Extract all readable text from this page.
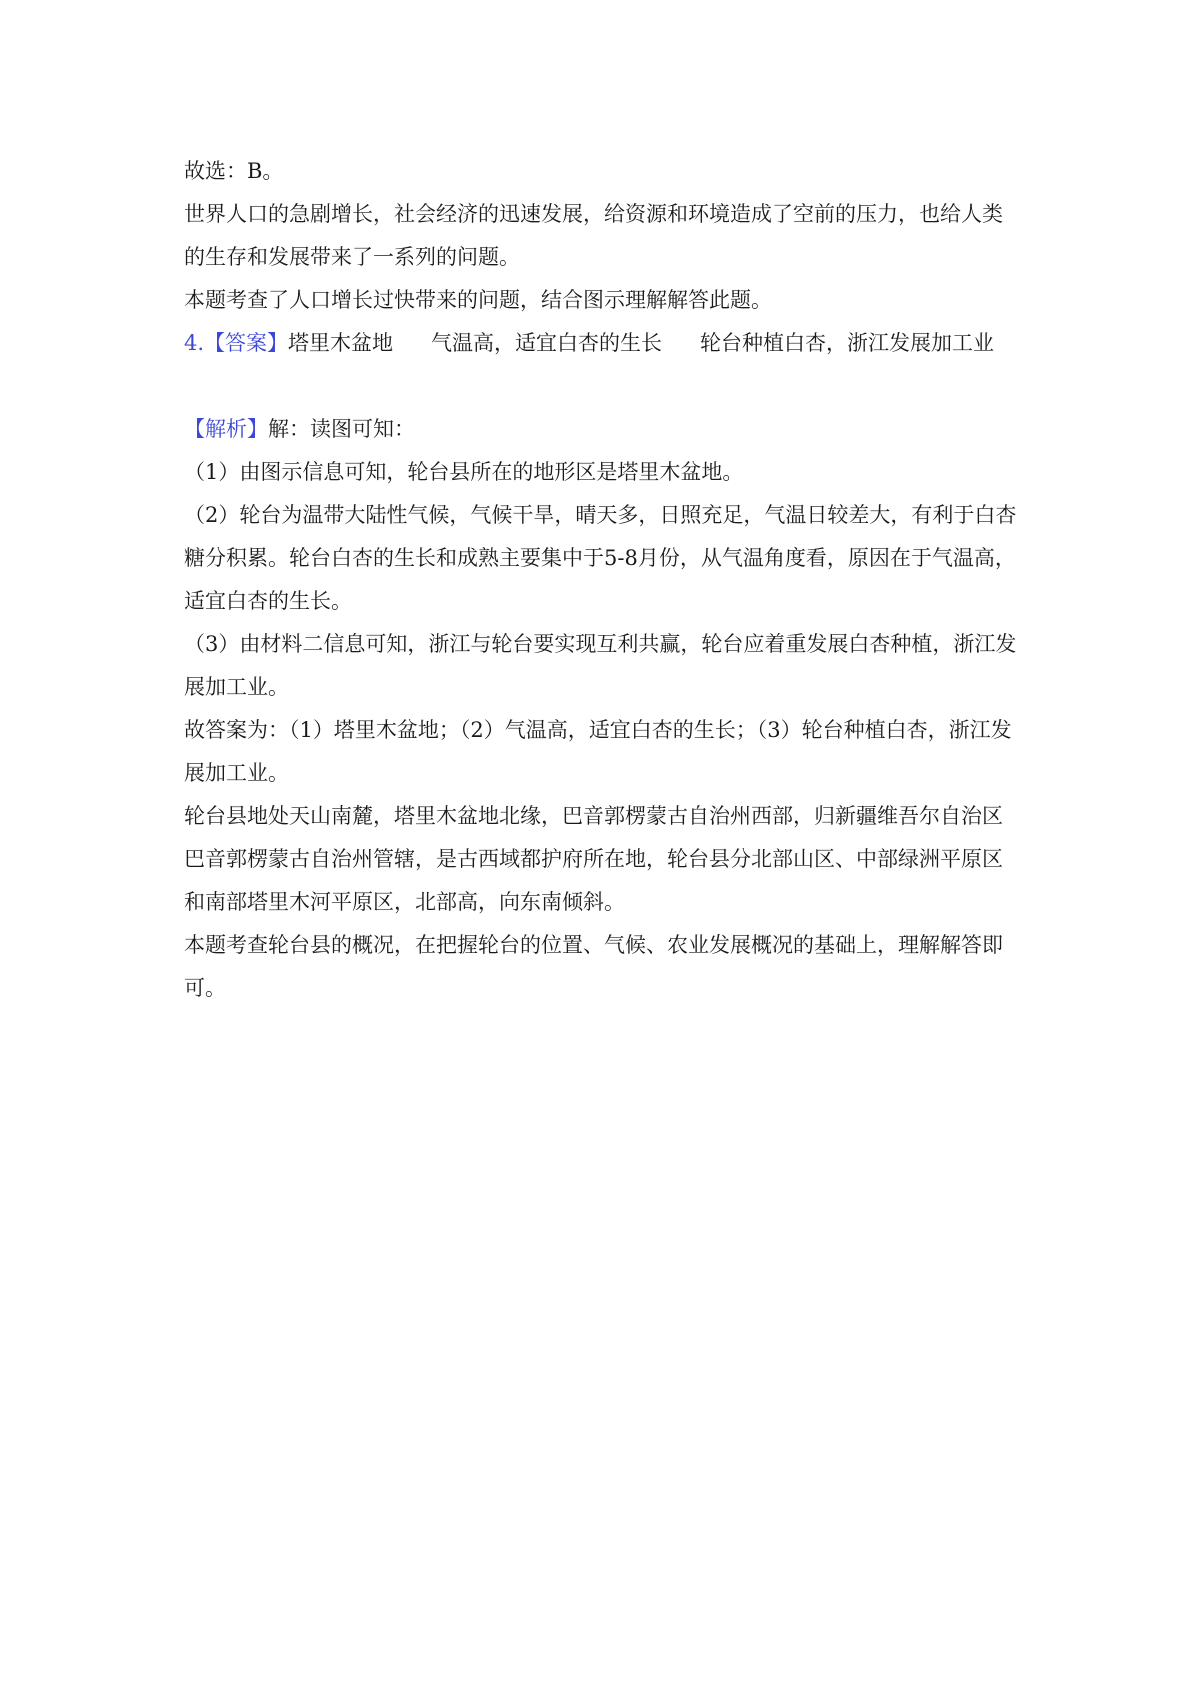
故选：B。

世界人口的急剧增长，社会经济的迅速发展，给资源和环境造成了空前的压力，也给人类的生存和发展带来了一系列的问题。

本题考查了人口增长过快带来的问题，结合图示理解解答此题。

4.【答案】塔里木盆地 气温高，适宜白杏的生长 轮台种植白杏，浙江发展加工业

【解析】解：读图可知：

（1）由图示信息可知，轮台县所在的地形区是塔里木盆地。

（2）轮台为温带大陆性气候，气候干旱，晴天多，日照充足，气温日较差大，有利于白杏糖分积累。轮台白杏的生长和成熟主要集中于5-8月份，从气温角度看，原因在于气温高，适宜白杏的生长。

（3）由材料二信息可知，浙江与轮台要实现互利共赢，轮台应着重发展白杏种植，浙江发展加工业。

故答案为：（1）塔里木盆地；（2）气温高，适宜白杏的生长；（3）轮台种植白杏，浙江发展加工业。

轮台县地处天山南麓，塔里木盆地北缘，巴音郭楞蒙古自治州西部，归新疆维吾尔自治区巴音郭楞蒙古自治州管辖，是古西域都护府所在地，轮台县分北部山区、中部绿洲平原区和南部塔里木河平原区，北部高，向东南倾斜。

本题考查轮台县的概况，在把握轮台的位置、气候、农业发展概况的基础上，理解解答即可。
